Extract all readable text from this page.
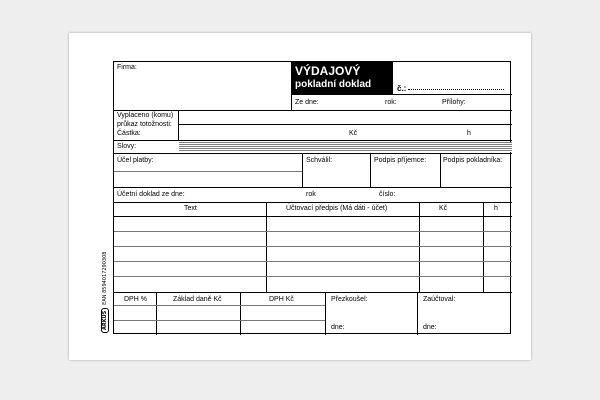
ARKUŠEAN 8594017290308
Firma:	VÝDAJOVÝ
pokladní doklad	č.:
Ze dne:	rok:	Přílohy:
Vyplaceno (komu)
průkaz totožnosti:
Částka:	Kč	h
Slovy:
Účel platby:	Schválil:	Podpis příjemce: Podpis pokladníka:
Účetní doklad ze dne:	rok	číslo:
Text	Účtovací předpis (Má dáti - účet)	Kč	h
DPH %	Základ daně Kč	DPH Kč	Přezkoušel:
dne:
Zaúčtoval:
dne:
